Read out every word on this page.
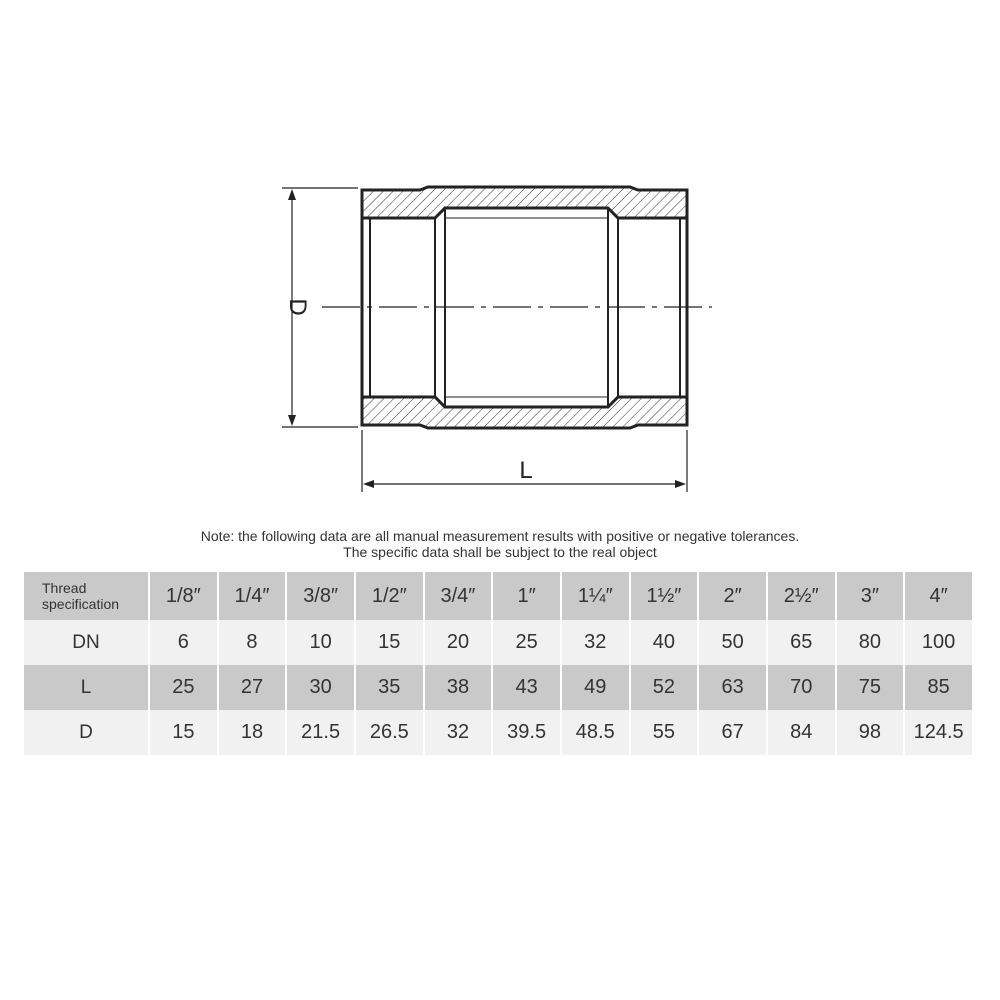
D
L
Note: the following data are all manual measurement results with positive or negative tolerances.
The specific data shall be subject to the real object
Thread
specification	1/8″	1/4″	3/8″	1/2″	3/4″	1″	1¼″	1½″	2″	2½″	3″	4″
DN	6	8	10	15	20	25	32	40	50	65	80	100
L	25	27	30	35	38	43	49	52	63	70	75	85
D	15	18	21.5	26.5	32	39.5	48.5	55	67	84	98	124.5
